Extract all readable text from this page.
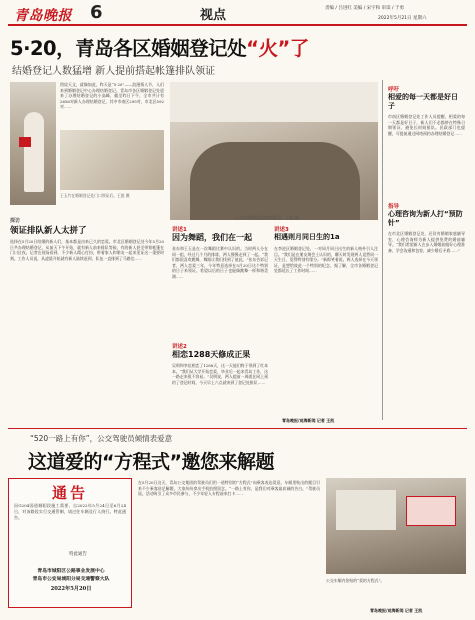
青岛晚报 6	视点	责编 / 吕进红 美编 / 宋宇和 审读 / 于勇
2022年5月21日 星期六
5·20，青岛各区婚姻登记处“火”了
结婚登记人数猛增 新人提前搭起帐篷排队领证
图说天文，就像如此，昨天是“5·20”——浪漫情人节，人们来到婚姻登记中心办理结婚登记。青岛市各区婚姻登记处迎来了办理结婚登记的小高峰，截至昨日下午，全市共计有2656对新人办理结婚登记，其中市南区295对，市北区592对……
王玉竹在婚姻登记处门口领证后。王凯 摄
探访
领证排队新人太拼了
选择在5月20日结婚的新人们，基本都是由来已久的恋爱。市北区婚姻登记处今年5月20日共办理结婚登记，从前天下午开始，就有新人前来排队等候，有的新人甚至带着帐篷在门口过夜。记者在现场看到，不少新人精心打扮，带着家人和朋友一起来见证这一重要时刻。工作人员说，从凌晨开始就有新人陆续赶到，队伍一直排到了马路边……
王玉竹用舞蹈留住结婚纪念。王凯 摄
讲述1
因为舞蹈，我们在一起
张东和王玉是在一次舞蹈比赛中认识的。当时两人分在同一组，经过几个月的排练，两人慢慢走到了一起。“我们都很喜欢跳舞，舞蹈让我们找到了彼此。”张东告诉记者，两人恋爱三年，今年特意选择在5月20日这个特别的日子来领证，希望以后的日子也能像跳舞一样和谐美满……
讲述2
相恋1288天修成正果
吴明和李佳相恋了1288天，这一天他们终于领到了红本本。“我们从大学开始恋爱，毕业后一起来青岛工作，这一路走来很不容易。”吴明说，两人提前一周就在网上预约了登记时间，今天早上六点就来到了登记处排队……
讲述3
相遇则月同日生的1a
在李沧区婚姻登记处，一对同月同日出生的新人格外引人注目。“我们是在朋友聚会上认识的，聊天时发现两人竟然同一天生日，觉得特别有缘分。”新郎笑着说。两人选择在今天领证，是想给彼此一个特别的纪念。据了解，全市各婚姻登记处都延长了工作时间……
呼吁
相爱的每一天都是好日子
市南区婚姻登记处工作人员提醒，相爱的每一天都是好日子，新人们不必都挤在特殊日期领证，避免长时间排队。民政部门也提醒，可提前通过网络预约办理结婚登记……
指导
心理咨询为新人打“预防针”
在市北区婚姻登记处，还设有婚姻家庭辅导室，心理咨询师为新人提供免费的婚前辅导。“我们希望新人在步入婚姻前做好心理准备，学会沟通和包容，减少婚后矛盾……”
青岛晚报/观海新闻 记者 王凯
“520一路上有你”，公交驾驶员倾情表爱意
这道爱的“方程式”邀您来解题
通告
因G204国道城阳段施工需要，自2022年5月24日至6月24日，对该路段实行交通管制，请过往车辆及行人绕行。特此通告。
特此通告
青岛市城阳区公路事业发展中心
青岛市公安局城阳分局交通警察大队
2022年5月20日
在5月20日这天，青岛公交集团的驾驶员们用一道特别的“方程式”向乘客表达爱意。车厢里贴出的题目引来不少乘客驻足解题，大家纷纷拿出手机拍照留念。“一路上有你，是我们对乘客最真诚的告白。”驾驶员说。活动吸引了众多市民参与，不少年轻人专程前来打卡……
公交车厢内张贴的“爱的方程式”。
青岛晚报/观海新闻 记者 王凯
